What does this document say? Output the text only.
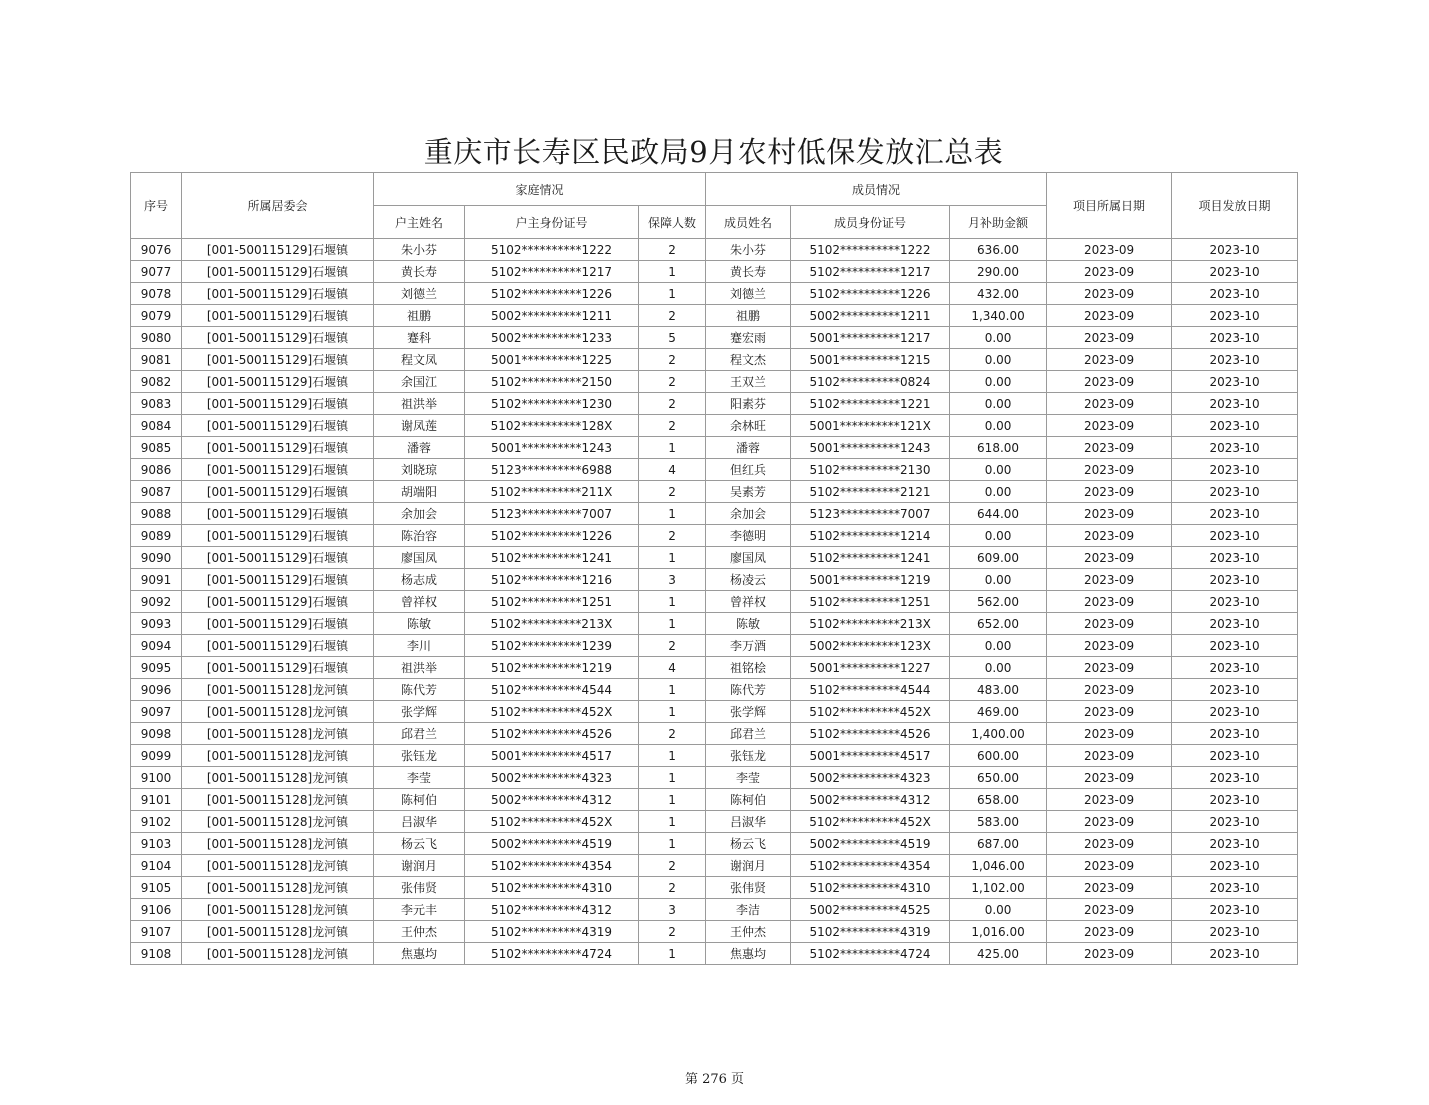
重庆市长寿区民政局9月农村低保发放汇总表
序号	所属居委会	家庭情况			成员情况			项目所属日期	项目发放日期
		户主姓名	户主身份证号	保障人数	成员姓名	成员身份证号	月补助金额		
9076	[001-500115129]石堰镇	朱小芬	5102**********1222	2	朱小芬	5102**********1222	636.00	2023-09	2023-10
9077	[001-500115129]石堰镇	黄长寿	5102**********1217	1	黄长寿	5102**********1217	290.00	2023-09	2023-10
9078	[001-500115129]石堰镇	刘德兰	5102**********1226	1	刘德兰	5102**********1226	432.00	2023-09	2023-10
9079	[001-500115129]石堰镇	祖鹏	5002**********1211	2	祖鹏	5002**********1211	1,340.00	2023-09	2023-10
9080	[001-500115129]石堰镇	蹇科	5002**********1233	5	蹇宏雨	5001**********1217	0.00	2023-09	2023-10
9081	[001-500115129]石堰镇	程文凤	5001**********1225	2	程文杰	5001**********1215	0.00	2023-09	2023-10
9082	[001-500115129]石堰镇	余国江	5102**********2150	2	王双兰	5102**********0824	0.00	2023-09	2023-10
9083	[001-500115129]石堰镇	祖洪举	5102**********1230	2	阳素芬	5102**********1221	0.00	2023-09	2023-10
9084	[001-500115129]石堰镇	谢凤莲	5102**********128X	2	余林旺	5001**********121X	0.00	2023-09	2023-10
9085	[001-500115129]石堰镇	潘蓉	5001**********1243	1	潘蓉	5001**********1243	618.00	2023-09	2023-10
9086	[001-500115129]石堰镇	刘晓琼	5123**********6988	4	但红兵	5102**********2130	0.00	2023-09	2023-10
9087	[001-500115129]石堰镇	胡端阳	5102**********211X	2	吴素芳	5102**********2121	0.00	2023-09	2023-10
9088	[001-500115129]石堰镇	余加会	5123**********7007	1	余加会	5123**********7007	644.00	2023-09	2023-10
9089	[001-500115129]石堰镇	陈治容	5102**********1226	2	李德明	5102**********1214	0.00	2023-09	2023-10
9090	[001-500115129]石堰镇	廖国凤	5102**********1241	1	廖国凤	5102**********1241	609.00	2023-09	2023-10
9091	[001-500115129]石堰镇	杨志成	5102**********1216	3	杨凌云	5001**********1219	0.00	2023-09	2023-10
9092	[001-500115129]石堰镇	曾祥权	5102**********1251	1	曾祥权	5102**********1251	562.00	2023-09	2023-10
9093	[001-500115129]石堰镇	陈敏	5102**********213X	1	陈敏	5102**********213X	652.00	2023-09	2023-10
9094	[001-500115129]石堰镇	李川	5102**********1239	2	李万酒	5002**********123X	0.00	2023-09	2023-10
9095	[001-500115129]石堰镇	祖洪举	5102**********1219	4	祖铭桧	5001**********1227	0.00	2023-09	2023-10
9096	[001-500115128]龙河镇	陈代芳	5102**********4544	1	陈代芳	5102**********4544	483.00	2023-09	2023-10
9097	[001-500115128]龙河镇	张学辉	5102**********452X	1	张学辉	5102**********452X	469.00	2023-09	2023-10
9098	[001-500115128]龙河镇	邱君兰	5102**********4526	2	邱君兰	5102**********4526	1,400.00	2023-09	2023-10
9099	[001-500115128]龙河镇	张钰龙	5001**********4517	1	张钰龙	5001**********4517	600.00	2023-09	2023-10
9100	[001-500115128]龙河镇	李莹	5002**********4323	1	李莹	5002**********4323	650.00	2023-09	2023-10
9101	[001-500115128]龙河镇	陈柯伯	5002**********4312	1	陈柯伯	5002**********4312	658.00	2023-09	2023-10
9102	[001-500115128]龙河镇	吕淑华	5102**********452X	1	吕淑华	5102**********452X	583.00	2023-09	2023-10
9103	[001-500115128]龙河镇	杨云飞	5002**********4519	1	杨云飞	5002**********4519	687.00	2023-09	2023-10
9104	[001-500115128]龙河镇	谢润月	5102**********4354	2	谢润月	5102**********4354	1,046.00	2023-09	2023-10
9105	[001-500115128]龙河镇	张伟贤	5102**********4310	2	张伟贤	5102**********4310	1,102.00	2023-09	2023-10
9106	[001-500115128]龙河镇	李元丰	5102**********4312	3	李洁	5002**********4525	0.00	2023-09	2023-10
9107	[001-500115128]龙河镇	王仲杰	5102**********4319	2	王仲杰	5102**********4319	1,016.00	2023-09	2023-10
9108	[001-500115128]龙河镇	焦惠均	5102**********4724	1	焦惠均	5102**********4724	425.00	2023-09	2023-10
第 276 页
